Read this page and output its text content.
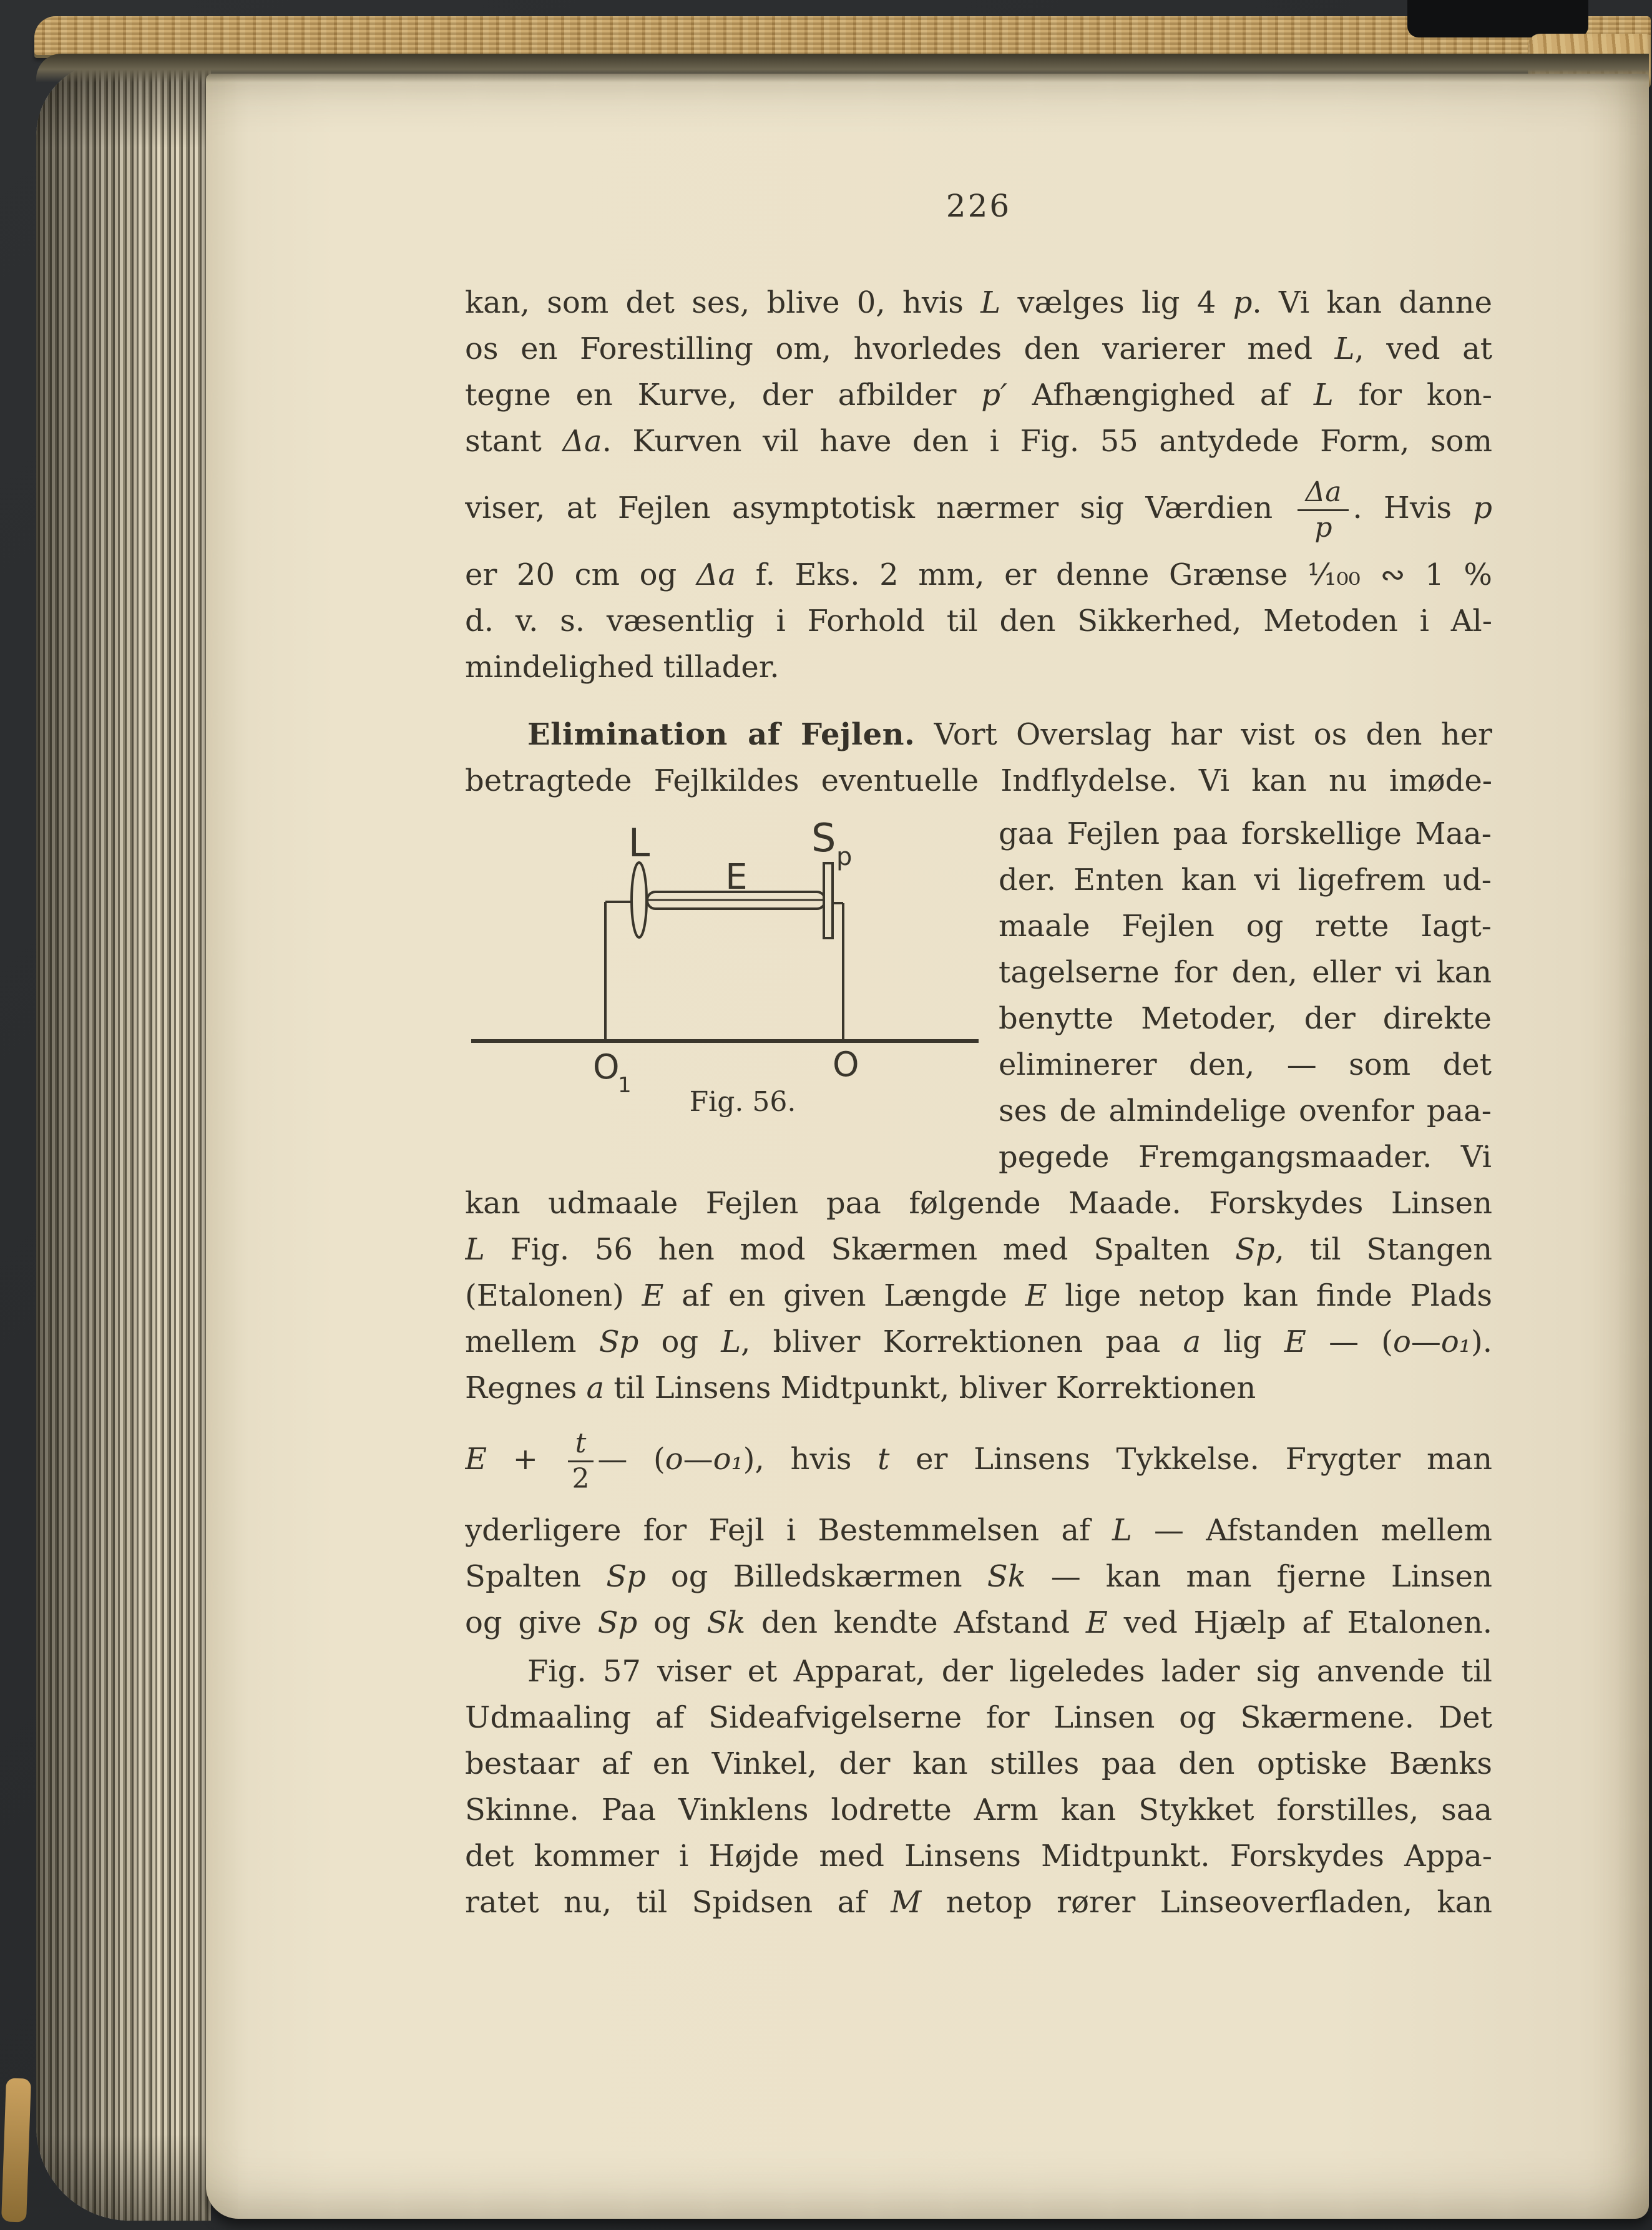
226
kan, som det ses, blive 0, hvis L vælges lig 4 p. Vi kan danne
os en Forestilling om, hvorledes den varierer med L, ved at
tegne en Kurve, der afbilder p′ Afhængighed af L for kon-
stant Δa. Kurven vil have den i Fig. 55 antydede Form, som
viser, at Fejlen asymptotisk nærmer sig Værdien $\frac{\Delta a}{p}$ . Hvis p
er 20 cm og Δa f. Eks. 2 mm, er denne Grænse ¹⁄₁₀₀ ∾ 1 %
d. v. s. væsentlig i Forhold til den Sikkerhed, Metoden i Al-
mindelighed tillader.
Elimination af Fejlen. Vort Overslag har vist os den her
betragtede Fejlkildes eventuelle Indflydelse. Vi kan nu imøde-
L	S p
E
O
1
O
Fig. 56.
gaa Fejlen paa forskellige Maa-
der. Enten kan vi ligefrem ud-
maale Fejlen og rette Iagt-
tagelserne for den, eller vi kan
benytte Metoder, der direkte
eliminerer den, — som det
ses de almindelige ovenfor paa-
pegede Fremgangsmaader. Vi
kan udmaale Fejlen paa følgende Maade. Forskydes Linsen
L Fig. 56 hen mod Skærmen med Spalten Sp, til Stangen
(Etalonen) E af en given Længde E lige netop kan finde Plads
mellem Sp og L, bliver Korrektionen paa a lig E — (o—o₁).
Regnes a til Linsens Midtpunkt, bliver Korrektionen
$E + \frac{t}{2}$ — (o—o₁), hvis t er Linsens Tykkelse. Frygter man
yderligere for Fejl i Bestemmelsen af L — Afstanden mellem
Spalten Sp og Billedskærmen Sk — kan man fjerne Linsen
og give Sp og Sk den kendte Afstand E ved Hjælp af Etalonen.
Fig. 57 viser et Apparat, der ligeledes lader sig anvende til
Udmaaling af Sideafvigelserne for Linsen og Skærmene. Det
bestaar af en Vinkel, der kan stilles paa den optiske Bænks
Skinne. Paa Vinklens lodrette Arm kan Stykket forstilles, saa
det kommer i Højde med Linsens Midtpunkt. Forskydes Appa-
ratet nu, til Spidsen af M netop rører Linseoverfladen, kan
